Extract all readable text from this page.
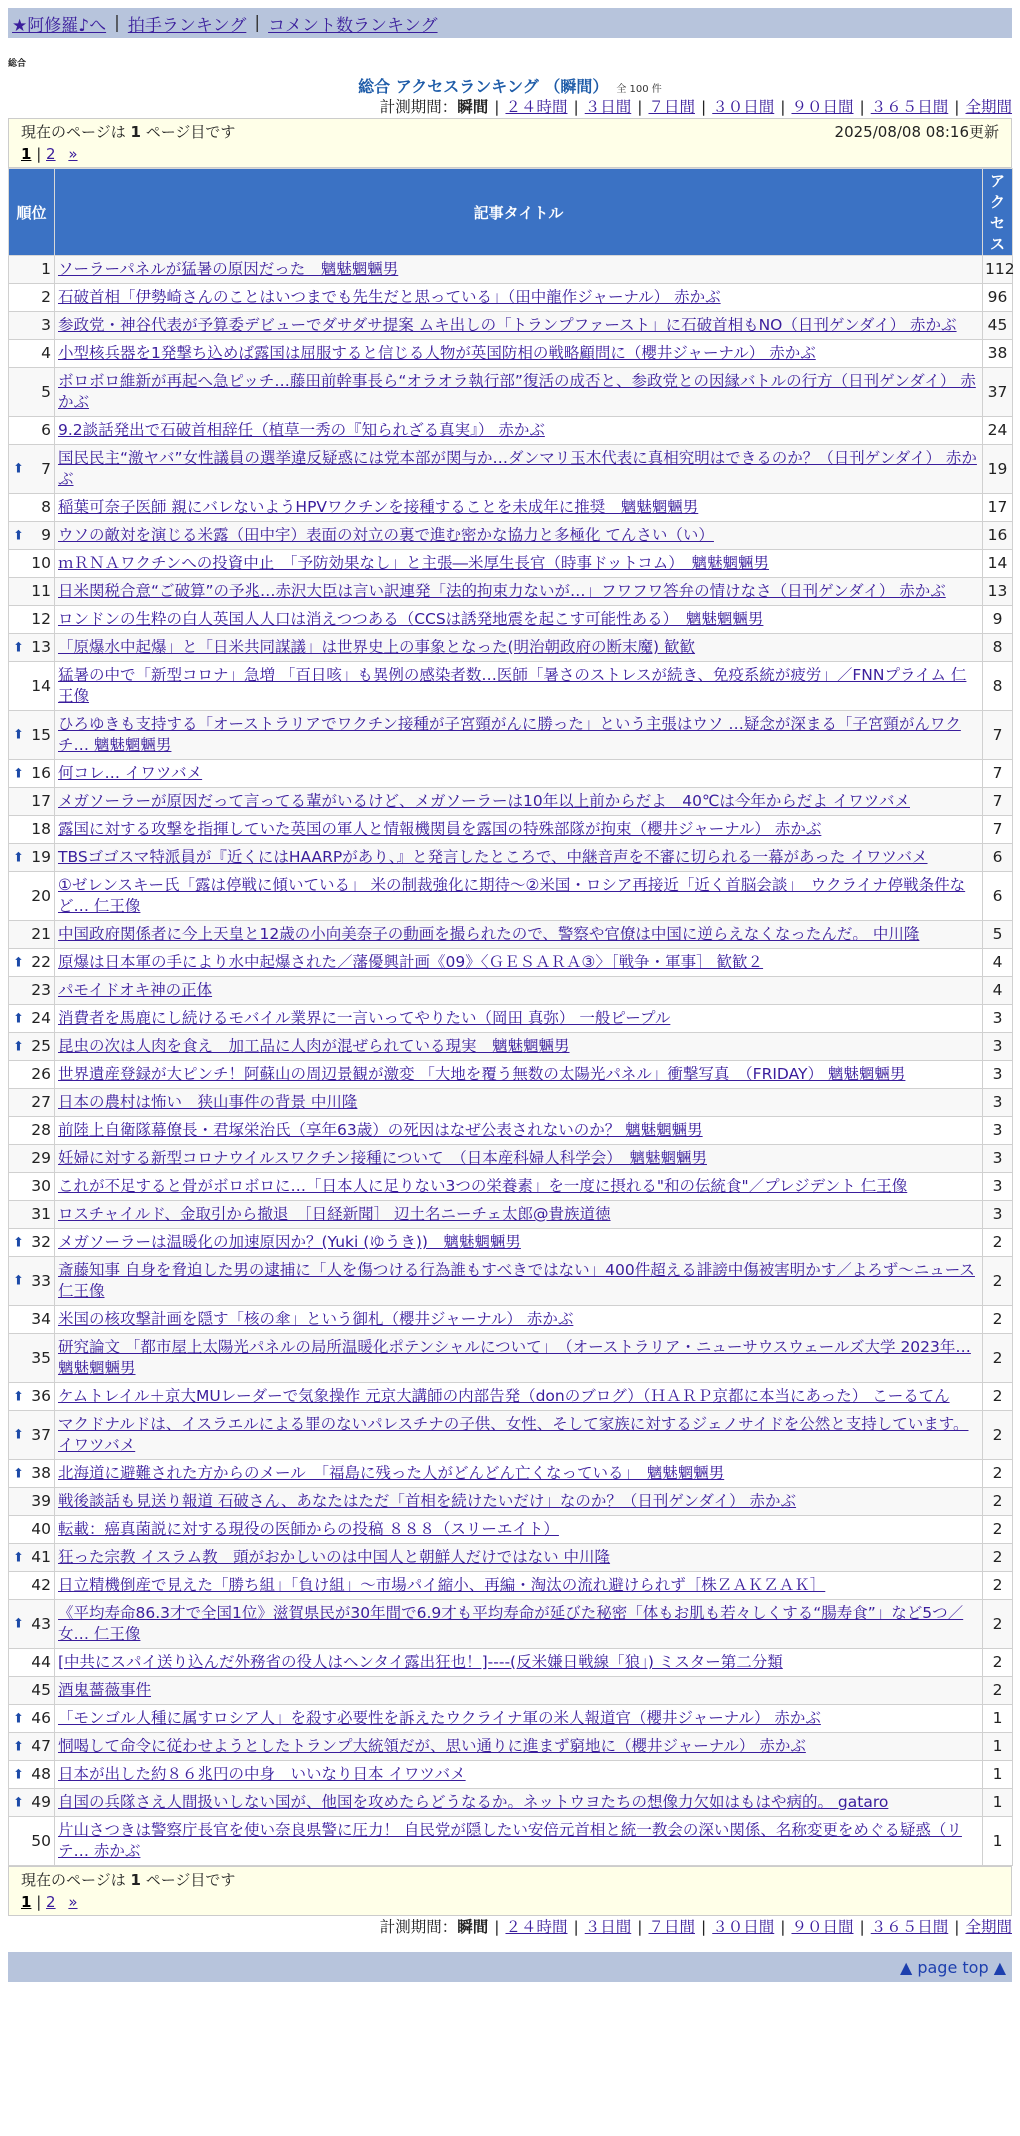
★阿修羅♪へ | 拍手ランキング | コメント数ランキング
総合
総合 アクセスランキング （瞬間） 全 100 件
計測期間：瞬間 | ２４時間 | ３日間 | ７日間 | ３０日間 | ９０日間 | ３６５日間 | 全期間
現在のページは 1 ページ目です	2025/08/08 08:16更新
1 | 2 »
順位	記事タイトル	アクセス
1	ソーラーパネルが猛暑の原因だった　魑魅魍魎男	112
2	石破首相「伊勢崎さんのことはいつまでも先生だと思っている」（田中龍作ジャーナル） 赤かぶ	96
3	参政党・神谷代表が予算委デビューでダサダサ提案 ムキ出しの「トランプファースト」に石破首相もNO（日刊ゲンダイ） 赤かぶ	45
4	小型核兵器を1発撃ち込めば露国は屈服すると信じる人物が英国防相の戦略顧問に（櫻井ジャーナル） 赤かぶ	38
5	ボロボロ維新が再起へ急ピッチ…藤田前幹事長ら“オラオラ執行部”復活の成否と、参政党との因縁バトルの行方（日刊ゲンダイ） 赤かぶ	37
6	9.2談話発出で石破首相辞任（植草一秀の『知られざる真実』） 赤かぶ	24

⬆ 7	国民民主“激ヤバ”女性議員の選挙違反疑惑には党本部が関与か…ダンマリ玉木代表に真相究明はできるのか？（日刊ゲンダイ） 赤かぶ	19
8	稲葉可奈子医師 親にバレないようHPVワクチンを接種することを未成年に推奨　魑魅魍魎男	17

⬆ 9	ウソの敵対を演じる米露（田中宇）表面の対立の裏で進む密かな協力と多極化 てんさい（い）	16
10	ｍＲＮＡワクチンへの投資中止　「予防効果なし」と主張―米厚生長官（時事ドットコム）　魑魅魍魎男	14
11	日米関税合意“ご破算”の予兆…赤沢大臣は言い訳連発「法的拘束力ないが…」フワフワ答弁の情けなさ（日刊ゲンダイ） 赤かぶ	13
12	ロンドンの生粋の白人英国人人口は消えつつある（CCSは誘発地震を起こす可能性ある）　魑魅魍魎男	9

⬆ 13	「原爆水中起爆」と「日米共同謀議」は世界史上の事象となった(明治朝政府の断末魔) 歓歓	8
14	猛暑の中で「新型コロナ」急増 「百日咳」も異例の感染者数…医師「暑さのストレスが続き、免疫系統が疲労」／FNNプライム 仁王像	8

⬆ 15	ひろゆきも支持する「オーストラリアでワクチン接種が子宮頸がんに勝った」という主張はウソ …疑念が深まる「子宮頸がんワクチ… 魑魅魍魎男	7

⬆ 16	何コレ… イワツバメ	7
17	メガソーラーが原因だって言ってる輩がいるけど、メガソーラーは10年以上前からだよ　40℃は今年からだよ イワツバメ	7
18	露国に対する攻撃を指揮していた英国の軍人と情報機関員を露国の特殊部隊が拘束（櫻井ジャーナル） 赤かぶ	7

⬆ 19	TBSゴゴスマ特派員が『近くにはHAARPがあり、』と発言したところで、中継音声を不審に切られる一幕があった イワツバメ	6
20	①ゼレンスキー氏「露は停戦に傾いている」 米の制裁強化に期待～②米国・ロシア再接近「近く首脳会談」　ウクライナ停戦条件など… 仁王像	6
21	中国政府関係者に今上天皇と12歳の小向美奈子の動画を撮られたので、警察や官僚は中国に逆らえなくなったんだ。 中川隆	5

⬆ 22	原爆は日本軍の手により水中起爆された／藩優興計画《09》〈ＧＥＳＡＲＡ③〉［戦争・軍事］ 歓歓２	4
23	パモイドオキ神の正体	4

⬆ 24	消費者を馬鹿にし続けるモバイル業界に一言いってやりたい（岡田 真弥） 一般ピープル	3

⬆ 25	昆虫の次は人肉を食え　加工品に人肉が混ぜられている現実　魑魅魍魎男	3
26	世界遺産登録が大ピンチ！阿蘇山の周辺景観が激変 「大地を覆う無数の太陽光パネル」衝撃写真　（FRIDAY） 魑魅魍魎男	3
27	日本の農村は怖い　狭山事件の背景 中川隆	3
28	前陸上自衛隊幕僚長・君塚栄治氏（享年63歳）の死因はなぜ公表されないのか？ 魑魅魍魎男	3
29	妊婦に対する新型コロナウイルスワクチン接種について　（日本産科婦人科学会）　魑魅魍魎男	3
30	これが不足すると骨がボロボロに…「日本人に足りない3つの栄養素」を一度に摂れる"和の伝統食"／プレジデント 仁王像	3
31	ロスチャイルド、金取引から撤退　［日経新聞］ 辺土名ニーチェ太郎@貴族道徳	3

⬆ 32	メガソーラーは温暖化の加速原因か？(Yuki (ゆうき))　魑魅魍魎男	2

⬆ 33	斎藤知事 自身を脅迫した男の逮捕に「人を傷つける行為誰もすべきではない」400件超える誹謗中傷被害明かす／よろず～ニュース 仁王像	2
34	米国の核攻撃計画を隠す「核の傘」という御札（櫻井ジャーナル） 赤かぶ	2
35	研究論文 「都市屋上太陽光パネルの局所温暖化ポテンシャルについて」　（オーストラリア・ニューサウスウェールズ大学 2023年… 魑魅魍魎男	2

⬆ 36	ケムトレイル＋京大MUレーダーで気象操作 元京大講師の内部告発（donのブログ）（ＨＡＲＰ京都に本当にあった） こーるてん	2

⬆ 37	マクドナルドは、イスラエルによる罪のないパレスチナの子供、女性、そして家族に対するジェノサイドを公然と支持しています。 イワツバメ	2

⬆ 38	北海道に避難された方からのメール　「福島に残った人がどんどん亡くなっている」　魑魅魍魎男	2
39	戦後談話も見送り報道 石破さん、あなたはただ「首相を続けたいだけ」なのか？（日刊ゲンダイ） 赤かぶ	2
40	転載：癌真菌説に対する現役の医師からの投稿 ８８８（スリーエイト）	2

⬆ 41	狂った宗教 イスラム教　頭がおかしいのは中国人と朝鮮人だけではない 中川隆	2
42	日立精機倒産で見えた「勝ち組」「負け組」～市場パイ縮小、再編・淘汰の流れ避けられず［株ＺＡＫＺＡＫ］	2

⬆ 43	《平均寿命86.3才で全国1位》滋賀県民が30年間で6.9才も平均寿命が延びた秘密「体もお肌も若々しくする“腸寿食”」など5つ／女… 仁王像	2
44	[中共にスパイ送り込んだ外務省の役人はヘンタイ露出狂也！]----(反米嫌日戦線「狼」) ミスター第二分類	2
45	酒鬼薔薇事件	2

⬆ 46	「モンゴル人種に属すロシア人」を殺す必要性を訴えたウクライナ軍の米人報道官（櫻井ジャーナル） 赤かぶ	1

⬆ 47	恫喝して命令に従わせようとしたトランプ大統領だが、思い通りに進まず窮地に（櫻井ジャーナル） 赤かぶ	1

⬆ 48	日本が出した約８６兆円の中身　いいなり日本 イワツバメ	1

⬆ 49	自国の兵隊さえ人間扱いしない国が、他国を攻めたらどうなるか。ネットウヨたちの想像力欠如はもはや病的。 gataro	1
50	片山さつきは警察庁長官を使い奈良県警に圧力！ 自民党が隠したい安倍元首相と統一教会の深い関係、名称変更をめぐる疑惑（リテ… 赤かぶ	1
現在のページは 1 ページ目です
1 | 2 »
計測期間：瞬間 | ２４時間 | ３日間 | ７日間 | ３０日間 | ９０日間 | ３６５日間 | 全期間
▲ page top ▲
